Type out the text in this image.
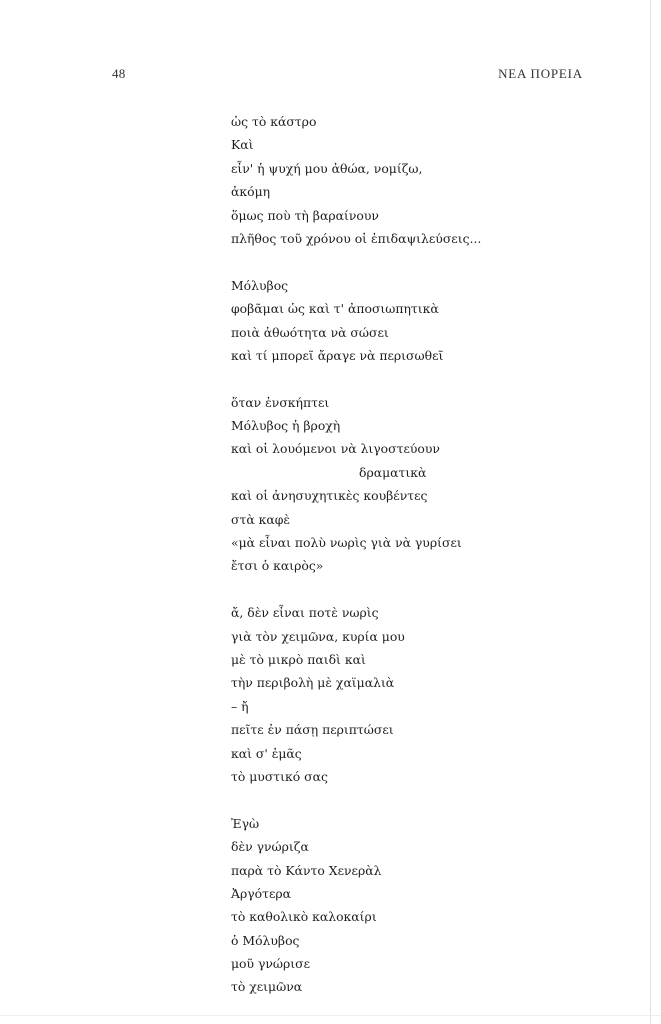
48	ΝΕΑ ΠΟΡΕΙΑ
ὡς τὸ κάστρο
Καὶ
εἶν' ἡ ψυχή μου ἀθώα, νομίζω,
ἀκόμη
ὅμως ποὺ τὴ βαραίνουν
πλῆθος τοῦ χρόνου οἱ ἐπιδαψιλεύσεις...
Μόλυβος
φοβᾶμαι ὡς καὶ τ' ἀποσιωπητικὰ
ποιὰ ἀθωότητα νὰ σώσει
καὶ τί μπορεῖ ἄραγε νὰ περισωθεῖ
ὅταν ἐνσκήπτει
Μόλυβος ἡ βροχὴ
καὶ οἱ λουόμενοι νὰ λιγοστεύουν
δραματικὰ
καὶ οἱ ἀνησυχητικὲς κουβέντες
στὰ καφὲ
«μὰ εἶναι πολὺ νωρὶς γιὰ νὰ γυρίσει
ἔτσι ὁ καιρὸς»
ἄ, δὲν εἶναι ποτὲ νωρὶς
γιὰ τὸν χειμῶνα, κυρία μου
μὲ τὸ μικρὸ παιδὶ καὶ
τὴν περιβολὴ μὲ χαϊμαλιὰ
– ἤ
πεῖτε ἐν πάσῃ περιπτώσει
καὶ σ' ἐμᾶς
τὸ μυστικό σας
Ἐγὼ
δὲν γνώριζα
παρὰ τὸ Κάντο Χενερὰλ
Ἀργότερα
τὸ καθολικὸ καλοκαίρι
ὁ Μόλυβος
μοῦ γνώρισε
τὸ χειμῶνα
